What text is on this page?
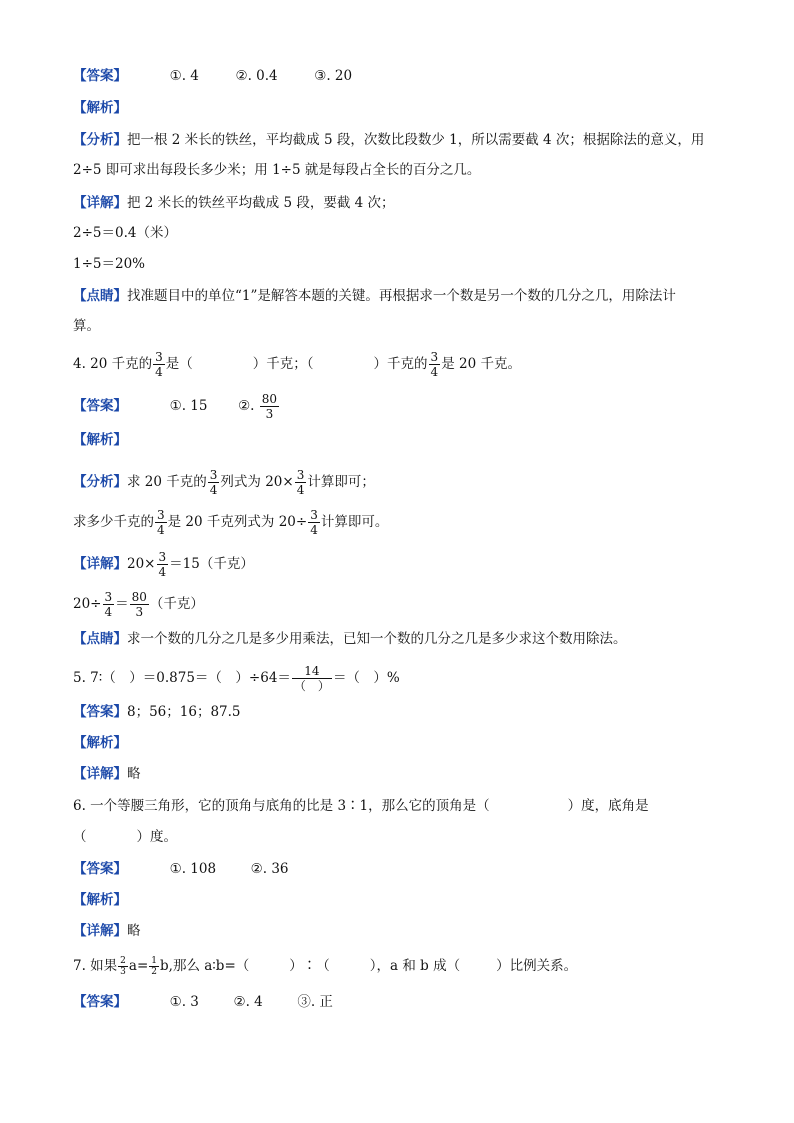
【答案】	①. 4	②. 0.4	③. 20
【解析】
【分析】把一根 2 米长的铁丝，平均截成 5 段，次数比段数少 1，所以需要截 4 次；根据除法的意义，用
2÷5 即可求出每段长多少米；用 1÷5 就是每段占全长的百分之几。
【详解】把 2 米长的铁丝平均截成 5 段，要截 4 次；
2÷5＝0.4（米）
1÷5＝20%
【点睛】找准题目中的单位“1”是解答本题的关键。再根据求一个数是另一个数的几分之几，用除法计
算。
4. 20 千克的 $\frac{3}{4}$ 是（	）千克；（	）千克的 $\frac{3}{4}$ 是 20 千克。
【答案】	①. 15 ②. $\frac{80}{3}$
【解析】
【分析】求 20 千克的 $\frac{3}{4}$ 列式为 $20\times \frac{3}{4}$ 计算即可；
求多少千克的 $\frac{3}{4}$ 是 20 千克列式为 $20\div \frac{3}{4}$ 计算即可。
【详解】$20\times \frac{3}{4} =15$（千克）
$20\div \frac{3}{4} = \frac{80}{3}$ （千克）
【点睛】求一个数的几分之几是多少用乘法，已知一个数的几分之几是多少求这个数用除法。
5. 7∶（　）＝0.875＝（　）$\div 64= \frac{14}{( )}$ ＝（　）%
【答案】8；56；16；87.5
【解析】
【详解】略
6. 一个等腰三角形，它的顶角与底角的比是 3∶1，那么它的顶角是（	）度，底角是
（	）度。
【答案】	①. 108	②. 36
【解析】
【详解】略
7. 如果 $\frac{2}{3} a= \frac{1}{2} b$,那么 a∶b=（	）∶（	），a 和 b 成（	）比例关系。
【答案】	①. 3	②. 4	③. 正
